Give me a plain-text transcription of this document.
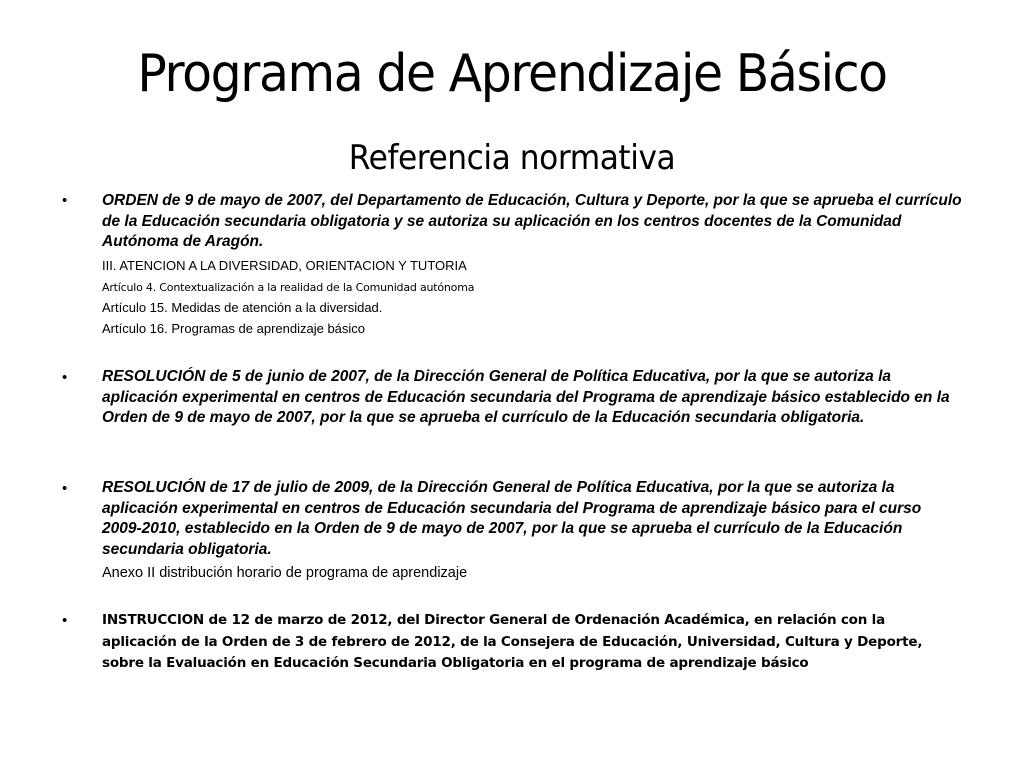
Programa de Aprendizaje Básico
Referencia normativa
• ORDEN de 9 de mayo de 2007, del Departamento de Educación, Cultura y Deporte, por la que se aprueba el currículo de la Educación secundaria obligatoria y se autoriza su aplicación en los centros docentes de la Comunidad Autónoma de Aragón.
III. ATENCION A LA DIVERSIDAD, ORIENTACION Y TUTORIA
Artículo 4. Contextualización a la realidad de la Comunidad autónoma
Artículo 15. Medidas de atención a la diversidad.
Artículo 16. Programas de aprendizaje básico
• RESOLUCIÓN de 5 de junio de 2007, de la Dirección General de Política Educativa, por la que se autoriza la aplicación experimental en centros de Educación secundaria del Programa de aprendizaje básico establecido en la Orden de 9 de mayo de 2007, por la que se aprueba el currículo de la Educación secundaria obligatoria.
• RESOLUCIÓN de 17 de julio de 2009, de la Dirección General de Política Educativa, por la que se autoriza la aplicación experimental en centros de Educación secundaria del Programa de aprendizaje básico para el curso 2009-2010, establecido en la Orden de 9 de mayo de 2007, por la que se aprueba el currículo de la Educación secundaria obligatoria.
Anexo II distribución horario de programa de aprendizaje
•	INSTRUCCION de 12 de marzo de 2012, del Director General de Ordenación Académica, en relación con la aplicación de la Orden de 3 de febrero de 2012, de la Consejera de Educación, Universidad, Cultura y Deporte, sobre la Evaluación en Educación Secundaria Obligatoria en el programa de aprendizaje básico
